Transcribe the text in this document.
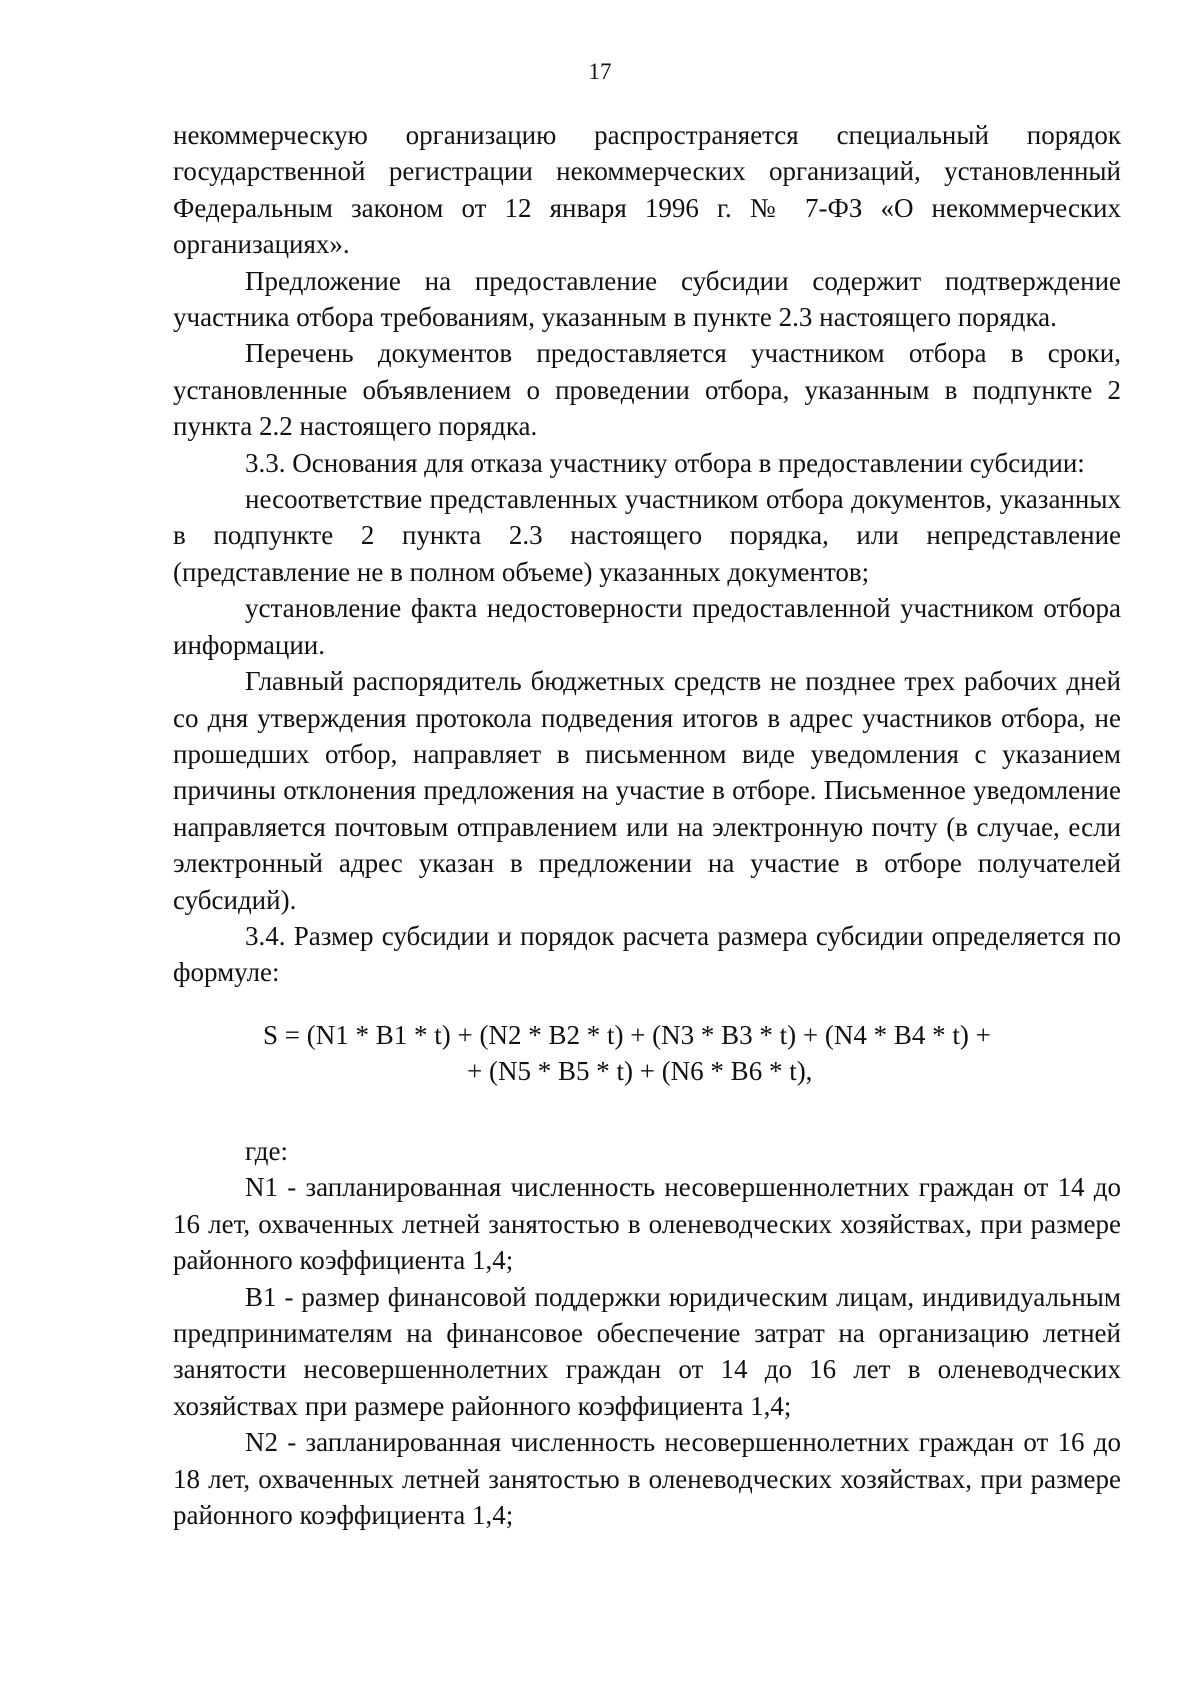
17

некоммерческую организацию распространяется специальный порядок государственной регистрации некоммерческих организаций, установленный Федеральным законом от 12 января 1996 г. № 7-ФЗ «О некоммерческих организациях».

Предложение на предоставление субсидии содержит подтверждение участника отбора требованиям, указанным в пункте 2.3 настоящего порядка.

Перечень документов предоставляется участником отбора в сроки, установленные объявлением о проведении отбора, указанным в подпункте 2 пункта 2.2 настоящего порядка.

3.3. Основания для отказа участнику отбора в предоставлении субсидии:

несоответствие представленных участником отбора документов, указанных в подпункте 2 пункта 2.3 настоящего порядка, или непредставление (представление не в полном объеме) указанных документов;

установление факта недостоверности предоставленной участником отбора информации.

Главный распорядитель бюджетных средств не позднее трех рабочих дней со дня утверждения протокола подведения итогов в адрес участников отбора, не прошедших отбор, направляет в письменном виде уведомления с указанием причины отклонения предложения на участие в отборе. Письменное уведомление направляется почтовым отправлением или на электронную почту (в случае, если электронный адрес указан в предложении на участие в отборе получателей субсидий).

3.4. Размер субсидии и порядок расчета размера субсидии определяется по формуле:

S = (N1 * B1 * t) + (N2 * B2 * t) + (N3 * B3 * t) + (N4 * B4 * t) +
+ (N5 * B5 * t) + (N6 * B6 * t),

где:

N1 - запланированная численность несовершеннолетних граждан от 14 до 16 лет, охваченных летней занятостью в оленеводческих хозяйствах, при размере районного коэффициента 1,4;

B1 - размер финансовой поддержки юридическим лицам, индивидуальным предпринимателям на финансовое обеспечение затрат на организацию летней занятости несовершеннолетних граждан от 14 до 16 лет в оленеводческих хозяйствах при размере районного коэффициента 1,4;

N2 - запланированная численность несовершеннолетних граждан от 16 до 18 лет, охваченных летней занятостью в оленеводческих хозяйствах, при размере районного коэффициента 1,4;
